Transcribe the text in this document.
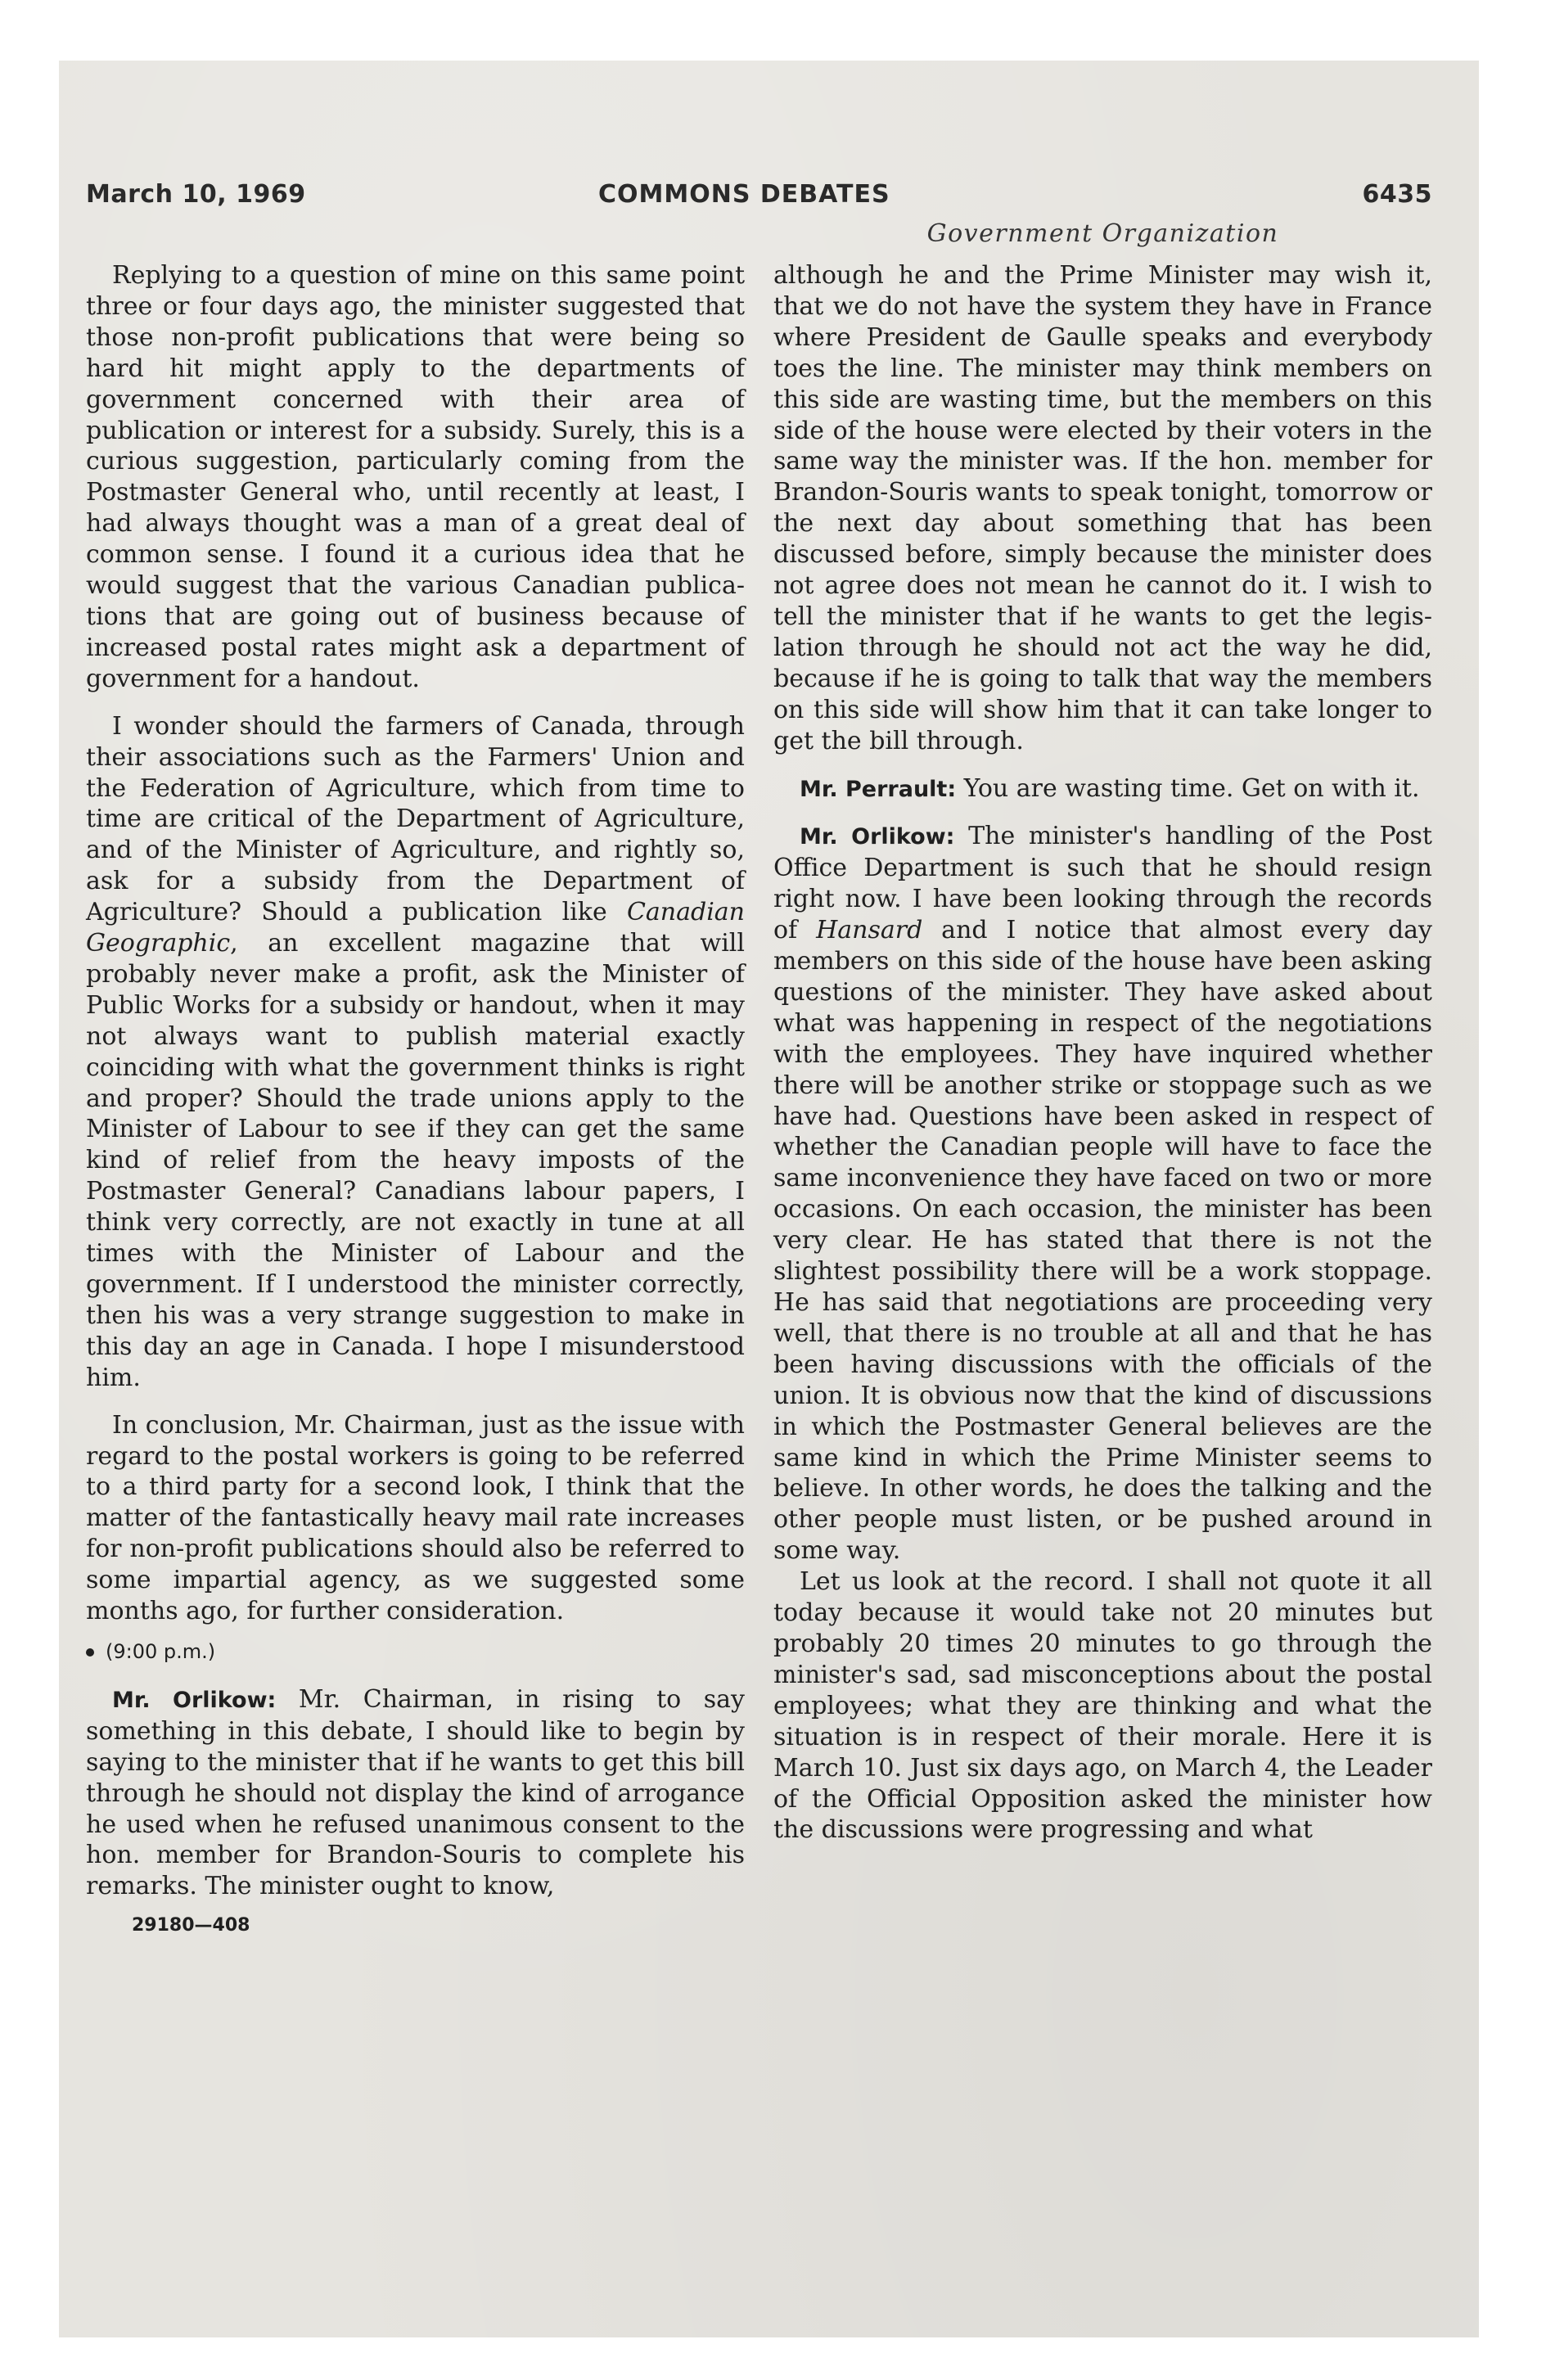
March 10, 1969	COMMONS DEBATES	6435
Government Organization

Replying to a question of mine on this same point three or four days ago, the minister suggested that those non-profit publications that were being so hard hit might apply to the departments of government concerned with their area of publication or interest for a subsidy. Surely, this is a curious suggestion, particularly coming from the Postmaster General who, until recently at least, I had always thought was a man of a great deal of common sense. I found it a curious idea that he would suggest that the various Canadian publications that are going out of business because of increased postal rates might ask a department of government for a handout.

I wonder should the farmers of Canada, through their associations such as the Farmers' Union and the Federation of Agriculture, which from time to time are critical of the Department of Agriculture, and of the Minister of Agriculture, and rightly so, ask for a subsidy from the Department of Agriculture? Should a publication like Canadian Geographic, an excellent magazine that will probably never make a profit, ask the Minister of Public Works for a subsidy or handout, when it may not always want to publish material exactly coinciding with what the government thinks is right and proper? Should the trade unions apply to the Minister of Labour to see if they can get the same kind of relief from the heavy imposts of the Postmaster General? Canadians labour papers, I think very correctly, are not exactly in tune at all times with the Minister of Labour and the government. If I understood the minister correctly, then his was a very strange suggestion to make in this day an age in Canada. I hope I misunderstood him.

In conclusion, Mr. Chairman, just as the issue with regard to the postal workers is going to be referred to a third party for a second look, I think that the matter of the fantastically heavy mail rate increases for non-profit publications should also be referred to some impartial agency, as we suggested some months ago, for further consideration.

(9:00 p.m.)

Mr. Orlikow: Mr. Chairman, in rising to say something in this debate, I should like to begin by saying to the minister that if he wants to get this bill through he should not display the kind of arrogance he used when he refused unanimous consent to the hon. member for Brandon-Souris to complete his remarks. The minister ought to know,

29180—408

although he and the Prime Minister may wish it, that we do not have the system they have in France where President de Gaulle speaks and everybody toes the line. The minister may think members on this side are wasting time, but the members on this side of the house were elected by their voters in the same way the minister was. If the hon. member for Brandon-Souris wants to speak tonight, tomorrow or the next day about something that has been discussed before, simply because the minister does not agree does not mean he cannot do it. I wish to tell the minister that if he wants to get the legislation through he should not act the way he did, because if he is going to talk that way the members on this side will show him that it can take longer to get the bill through.

Mr. Perrault: You are wasting time. Get on with it.

Mr. Orlikow: The minister's handling of the Post Office Department is such that he should resign right now. I have been looking through the records of Hansard and I notice that almost every day members on this side of the house have been asking questions of the minister. They have asked about what was happening in respect of the negotiations with the employees. They have inquired whether there will be another strike or stoppage such as we have had. Questions have been asked in respect of whether the Canadian people will have to face the same inconvenience they have faced on two or more occasions. On each occasion, the minister has been very clear. He has stated that there is not the slightest possibility there will be a work stoppage. He has said that negotiations are proceeding very well, that there is no trouble at all and that he has been having discussions with the officials of the union. It is obvious now that the kind of discussions in which the Postmaster General believes are the same kind in which the Prime Minister seems to believe. In other words, he does the talking and the other people must listen, or be pushed around in some way.

Let us look at the record. I shall not quote it all today because it would take not 20 minutes but probably 20 times 20 minutes to go through the minister's sad, sad misconceptions about the postal employees; what they are thinking and what the situation is in respect of their morale. Here it is March 10. Just six days ago, on March 4, the Leader of the Official Opposition asked the minister how the discussions were progressing and what
